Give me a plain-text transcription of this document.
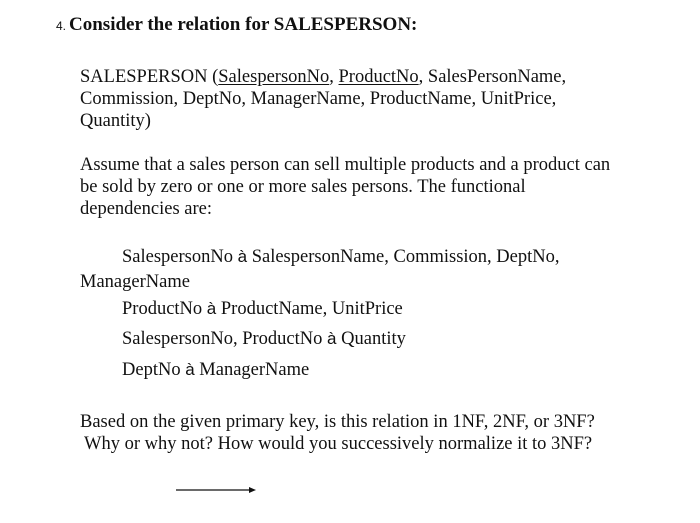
4. Consider the relation for SALESPERSON:
SALESPERSON (SalespersonNo, ProductNo, SalesPersonName,
Commission, DeptNo, ManagerName, ProductName, UnitPrice,
Quantity)
Assume that a sales person can sell multiple products and a product can
be sold by zero or one or more sales persons. The functional
dependencies are:
SalespersonNo à SalespersonName, Commission, DeptNo,
ManagerName
ProductNo à ProductName, UnitPrice
SalespersonNo, ProductNo à Quantity
DeptNo à ManagerName
Based on the given primary key, is this relation in 1NF, 2NF, or 3NF?
Why or why not? How would you successively normalize it to 3NF?
